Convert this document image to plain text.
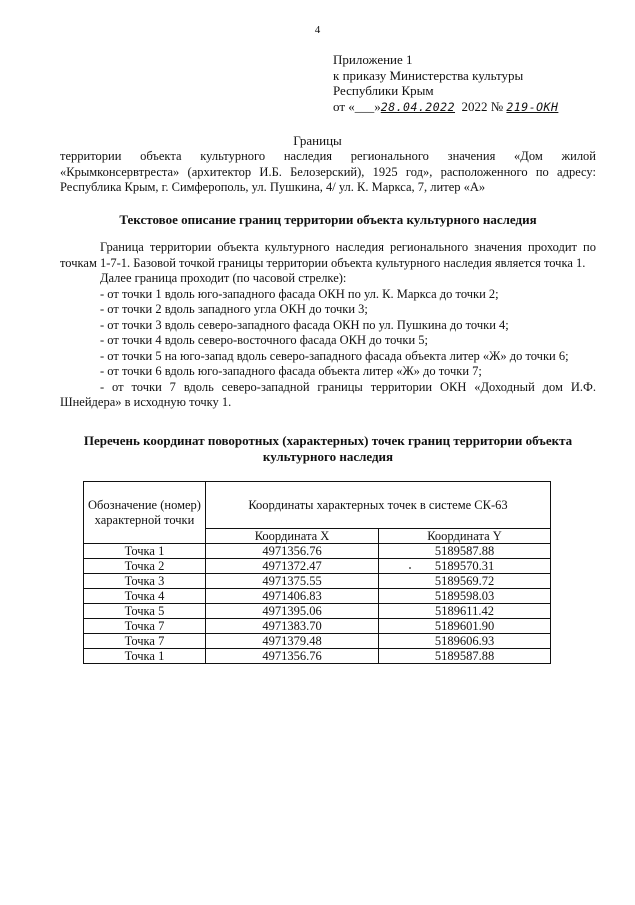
4
Приложение 1
к приказу Министерства культуры
Республики Крым
от «___»28.04.2022 2022 № 219-ОКН
Границы
территории объекта культурного наследия регионального значения «Дом жилой «Крымконсервтреста» (архитектор И.Б. Белозерский), 1925 год», расположенного по адресу: Республика Крым, г. Симферополь, ул. Пушкина, 4/ ул. К. Маркса, 7, литер «А»
Текстовое описание границ территории объекта культурного наследия

Граница территории объекта культурного наследия регионального значения проходит по точкам 1-7-1. Базовой точкой границы территории объекта культурного наследия является точка 1.

Далее граница проходит (по часовой стрелке):

- от точки 1 вдоль юго-западного фасада ОКН по ул. К. Маркса до точки 2;

- от точки 2 вдоль западного угла ОКН до точки 3;

- от точки 3 вдоль северо-западного фасада ОКН по ул. Пушкина до точки 4;

- от точки 4 вдоль северо-восточного фасада ОКН до точки 5;

- от точки 5 на юго-запад вдоль северо-западного фасада объекта литер «Ж» до точки 6;

- от точки 6 вдоль юго-западного фасада объекта литер «Ж» до точки 7;

- от точки 7 вдоль северо-западной границы территории ОКН «Доходный дом И.Ф. Шнейдера» в исходную точку 1.

Перечень координат поворотных (характерных) точек границ территории объекта
культурного наследия
Обозначение (номер) характерной точки	Координаты характерных точек в системе СК-63	
	Координата X	Координата Y
Точка 1	4971356.76	5189587.88
Точка 2	4971372.47	5189570.31
Точка 3	4971375.55	5189569.72
Точка 4	4971406.83	5189598.03
Точка 5	4971395.06	5189611.42
Точка 7	4971383.70	5189601.90
Точка 7	4971379.48	5189606.93
Точка 1	4971356.76	5189587.88
